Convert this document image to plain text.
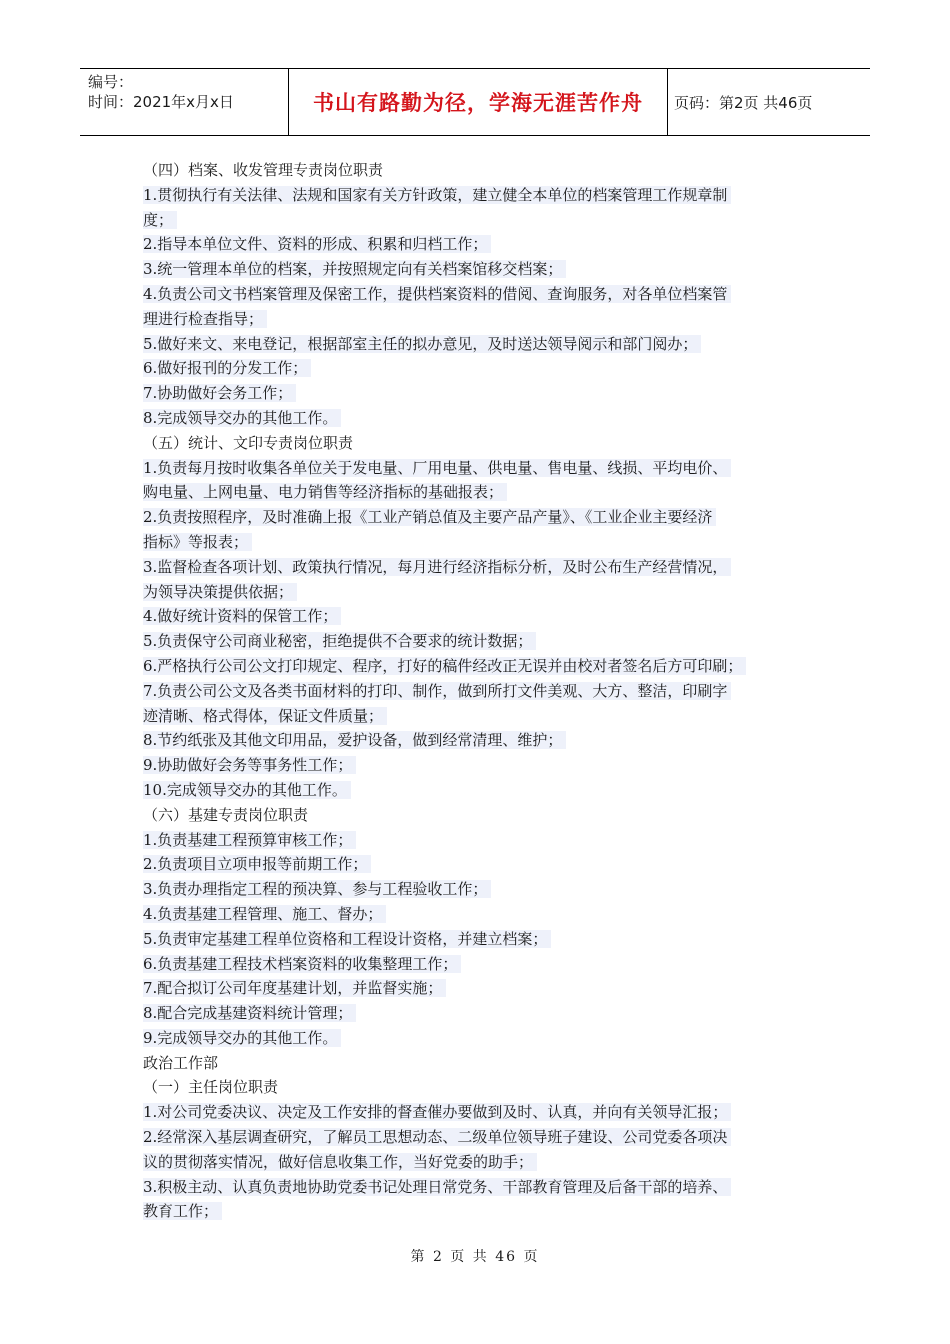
编号：
时间：2021年x月x日	书山有路勤为径，学海无涯苦作舟	页码：第2页 共46页
（四）档案、收发管理专责岗位职责
1.贯彻执行有关法律、法规和国家有关方针政策，建立健全本单位的档案管理工作规章制
度；
2.指导本单位文件、资料的形成、积累和归档工作；
3.统一管理本单位的档案，并按照规定向有关档案馆移交档案；
4.负责公司文书档案管理及保密工作，提供档案资料的借阅、查询服务，对各单位档案管
理进行检查指导；
5.做好来文、来电登记，根据部室主任的拟办意见，及时送达领导阅示和部门阅办；
6.做好报刊的分发工作；
7.协助做好会务工作；
8.完成领导交办的其他工作。
（五）统计、文印专责岗位职责
1.负责每月按时收集各单位关于发电量、厂用电量、供电量、售电量、线损、平均电价、
购电量、上网电量、电力销售等经济指标的基础报表；
2.负责按照程序，及时准确上报《工业产销总值及主要产品产量》、《工业企业主要经济
指标》等报表；
3.监督检查各项计划、政策执行情况，每月进行经济指标分析，及时公布生产经营情况，
为领导决策提供依据；
4.做好统计资料的保管工作；
5.负责保守公司商业秘密，拒绝提供不合要求的统计数据；
6.严格执行公司公文打印规定、程序，打好的稿件经改正无误并由校对者签名后方可印刷；
7.负责公司公文及各类书面材料的打印、制作，做到所打文件美观、大方、整洁，印刷字
迹清晰、格式得体，保证文件质量；
8.节约纸张及其他文印用品，爱护设备，做到经常清理、维护；
9.协助做好会务等事务性工作；
10.完成领导交办的其他工作。
（六）基建专责岗位职责
1.负责基建工程预算审核工作；
2.负责项目立项申报等前期工作；
3.负责办理指定工程的预决算、参与工程验收工作；
4.负责基建工程管理、施工、督办；
5.负责审定基建工程单位资格和工程设计资格，并建立档案；
6.负责基建工程技术档案资料的收集整理工作；
7.配合拟订公司年度基建计划，并监督实施；
8.配合完成基建资料统计管理；
9.完成领导交办的其他工作。
政治工作部
（一）主任岗位职责
1.对公司党委决议、决定及工作安排的督查催办要做到及时、认真，并向有关领导汇报；
2.经常深入基层调查研究，了解员工思想动态、二级单位领导班子建设、公司党委各项决
议的贯彻落实情况，做好信息收集工作，当好党委的助手；
3.积极主动、认真负责地协助党委书记处理日常党务、干部教育管理及后备干部的培养、
教育工作；
第 2 页 共 46 页
